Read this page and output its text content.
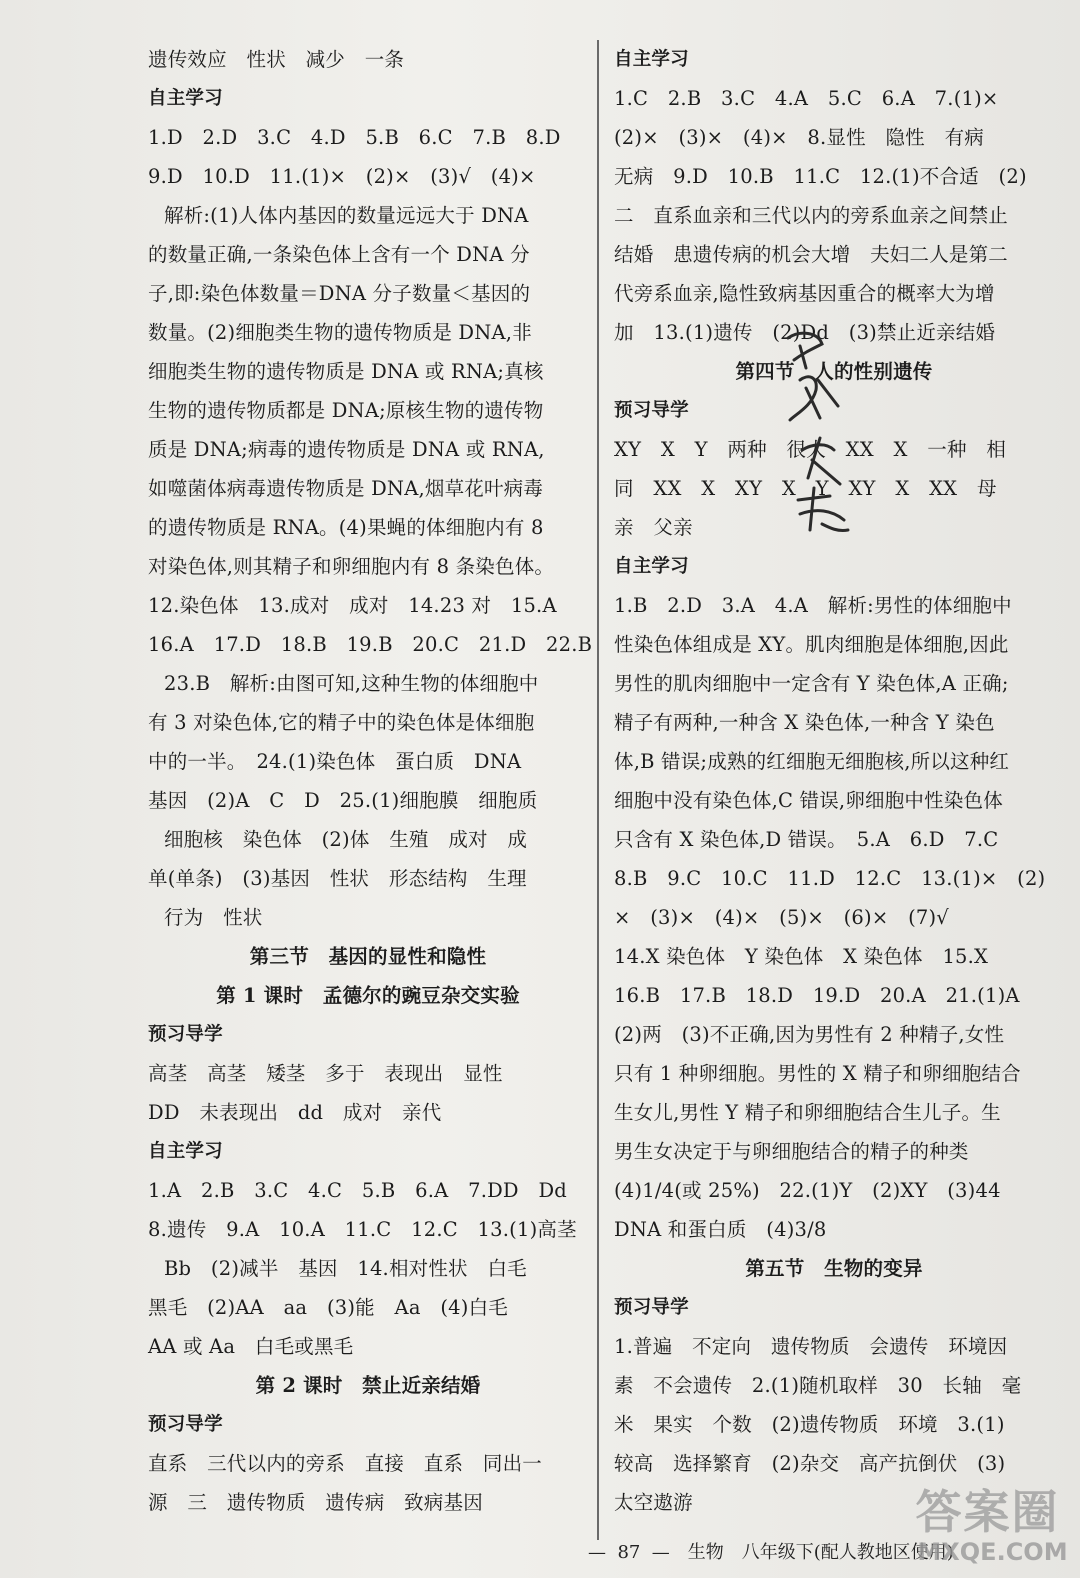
遗传效应　性状　减少　一条
自主学习
1.D　2.D　3.C　4.D　5.B　6.C　7.B　8.D
9.D　10.D　11.(1)×　(2)×　(3)√　(4)×
解析:(1)人体内基因的数量远远大于 DNA
的数量正确,一条染色体上含有一个 DNA 分
子,即:染色体数量＝DNA 分子数量＜基因的
数量。(2)细胞类生物的遗传物质是 DNA,非
细胞类生物的遗传物质是 DNA 或 RNA;真核
生物的遗传物质都是 DNA;原核生物的遗传物
质是 DNA;病毒的遗传物质是 DNA 或 RNA,
如噬菌体病毒遗传物质是 DNA,烟草花叶病毒
的遗传物质是 RNA。(4)果蝇的体细胞内有 8
对染色体,则其精子和卵细胞内有 8 条染色体。
12.染色体　13.成对　成对　14.23 对　15.A
16.A　17.D　18.B　19.B　20.C　21.D　22.B
23.B　解析:由图可知,这种生物的体细胞中
有 3 对染色体,它的精子中的染色体是体细胞
中的一半。　24.(1)染色体　蛋白质　DNA
基因　(2)A　C　D　25.(1)细胞膜　细胞质
细胞核　染色体　(2)体　生殖　成对　成
单(单条)　(3)基因　性状　形态结构　生理
行为　性状
第三节　基因的显性和隐性
第 1 课时　孟德尔的豌豆杂交实验
预习导学
高茎　高茎　矮茎　多于　表现出　显性
DD　未表现出　dd　成对　亲代
自主学习
1.A　2.B　3.C　4.C　5.B　6.A　7.DD　Dd
8.遗传　9.A　10.A　11.C　12.C　13.(1)高茎
Bb　(2)减半　基因　14.相对性状　白毛
黑毛　(2)AA　aa　(3)能　Aa　(4)白毛
AA 或 Aa　白毛或黑毛
第 2 课时　禁止近亲结婚
预习导学
直系　三代以内的旁系　直接　直系　同出一
源　三　遗传物质　遗传病　致病基因
自主学习
1.C　2.B　3.C　4.A　5.C　6.A　7.(1)×
(2)×　(3)×　(4)×　8.显性　隐性　有病
无病　9.D　10.B　11.C　12.(1)不合适　(2)
二　直系血亲和三代以内的旁系血亲之间禁止
结婚　患遗传病的机会大增　夫妇二人是第二
代旁系血亲,隐性致病基因重合的概率大为增
加　13.(1)遗传　(2)Dd　(3)禁止近亲结婚
第四节　人的性别遗传
预习导学
XY　X　Y　两种　很大　XX　X　一种　相
同　XX　X　XY　X　Y　XY　X　XX　母
亲　父亲
自主学习
1.B　2.D　3.A　4.A　解析:男性的体细胞中
性染色体组成是 XY。肌肉细胞是体细胞,因此
男性的肌肉细胞中一定含有 Y 染色体,A 正确;
精子有两种,一种含 X 染色体,一种含 Y 染色
体,B 错误;成熟的红细胞无细胞核,所以这种红
细胞中没有染色体,C 错误,卵细胞中性染色体
只含有 X 染色体,D 错误。　5.A　6.D　7.C
8.B　9.C　10.C　11.D　12.C　13.(1)×　(2)
×　(3)×　(4)×　(5)×　(6)×　(7)√
14.X 染色体　Y 染色体　X 染色体　15.X
16.B　17.B　18.D　19.D　20.A　21.(1)A
(2)两　(3)不正确,因为男性有 2 种精子,女性
只有 1 种卵细胞。男性的 X 精子和卵细胞结合
生女儿,男性 Y 精子和卵细胞结合生儿子。生
男生女决定于与卵细胞结合的精子的种类
(4)1/4(或 25%)　22.(1)Y　(2)XY　(3)44
DNA 和蛋白质　(4)3/8
第五节　生物的变异
预习导学
1.普遍　不定向　遗传物质　会遗传　环境因
素　不会遗传　2.(1)随机取样　30　长轴　毫
米　果实　个数　(2)遗传物质　环境　3.(1)
较高　选择繁育　(2)杂交　高产抗倒伏　(3)
太空遨游
—  87  —　生物　八年级下(配人教地区使用)
答案圈
MXQE.COM
